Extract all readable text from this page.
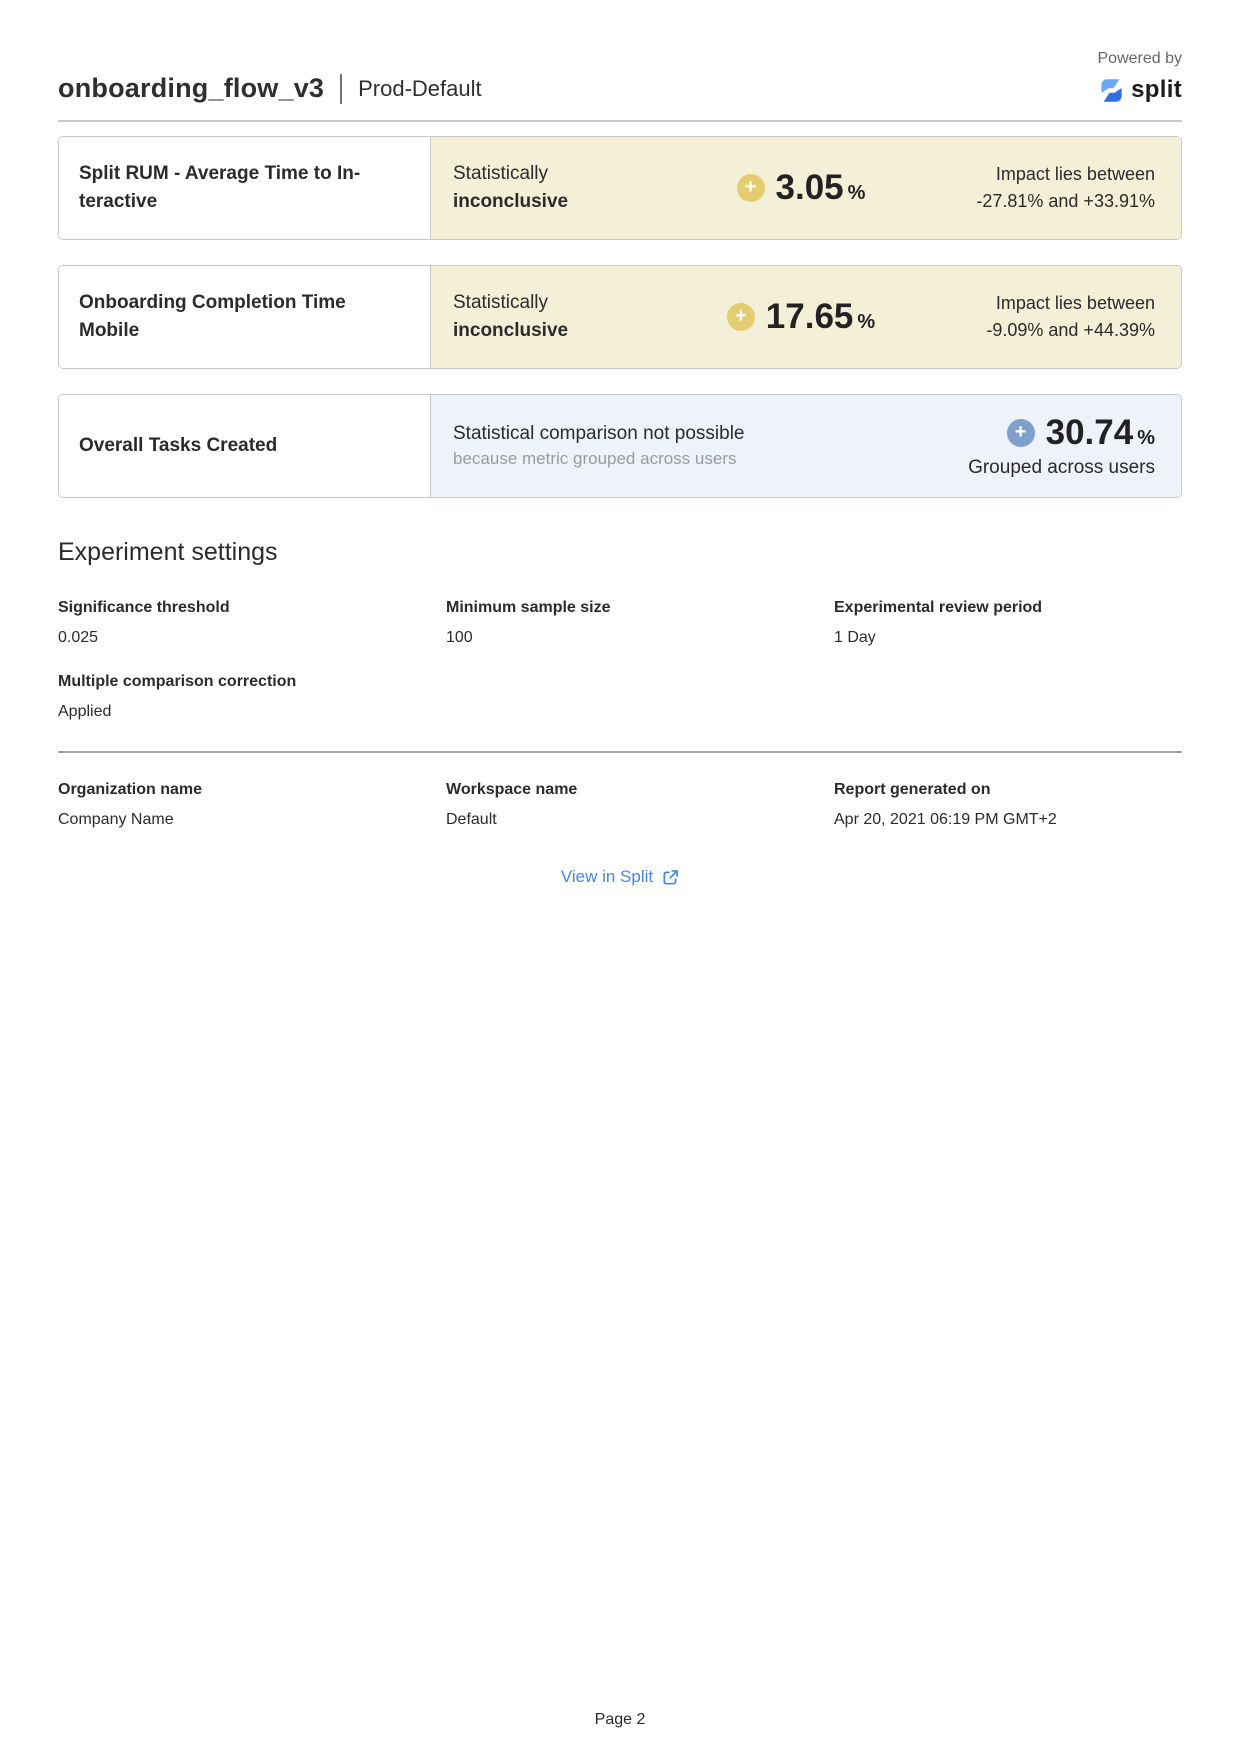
onboarding_flow_v3 Prod-Default
Powered by
split
Split RUM - Average Time to Interactive
Statistically
inconclusive
+ 3.05 %
Impact lies between
-27.81% and +33.91%
Onboarding Completion Time Mobile
Statistically
inconclusive
+ 17.65 %
Impact lies between
-9.09% and +44.39%
Overall Tasks Created
Statistical comparison not possible
because metric grouped across users
+ 30.74 %
Grouped across users
Experiment settings
Significance threshold
0.025
Minimum sample size
100
Experimental review period
1 Day
Multiple comparison correction
Applied
Organization name
Company Name
Workspace name
Default
Report generated on
Apr 20, 2021 06:19 PM GMT+2
View in Split
Page 2
